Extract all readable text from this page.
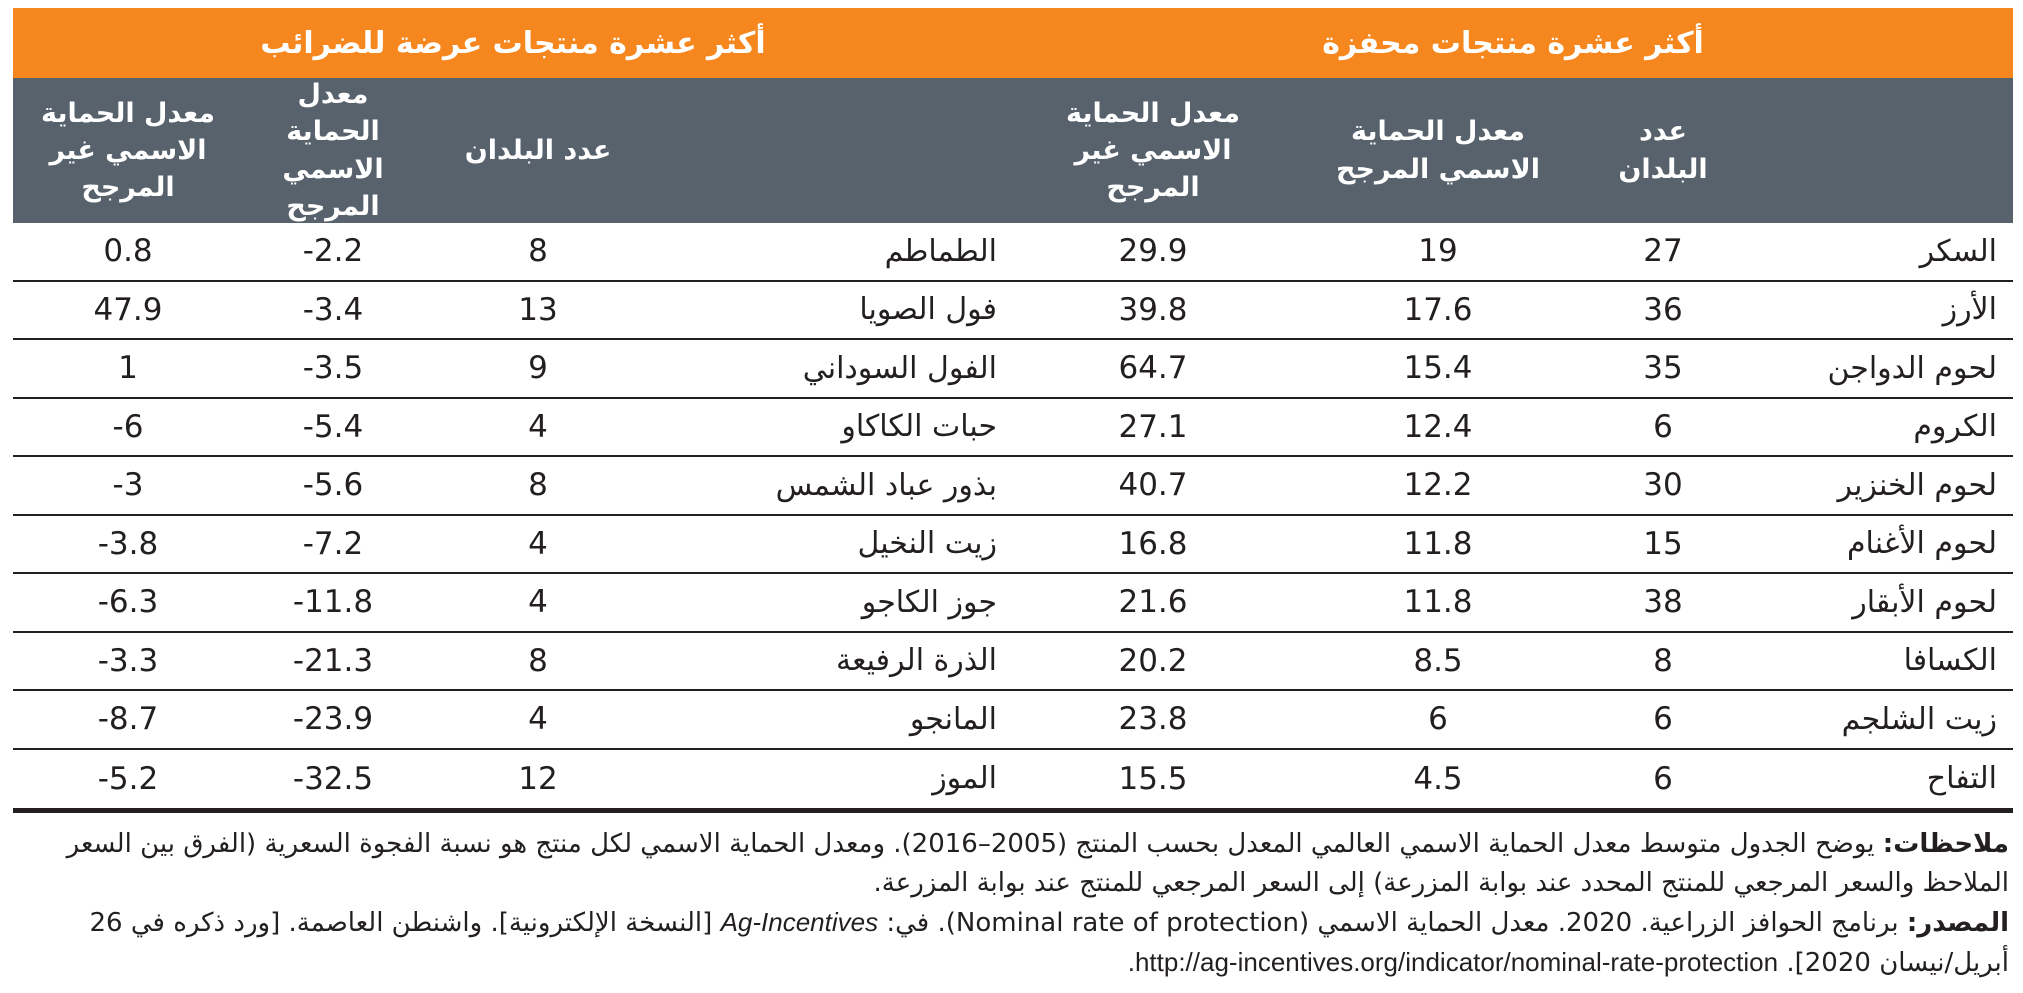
أكثر عشرة منتجات محفزة
أكثر عشرة منتجات عرضة للضرائب
عدد البلدان
معدل الحماية الاسمي المرجح
معدل الحماية الاسمي غير المرجح
عدد البلدان
معدل الحماية الاسمي المرجح
معدل الحماية الاسمي غير المرجح
السكر
27
19
29.9
الطماطم
8
-2.2
0.8
الأرز
36
17.6
39.8
فول الصويا
13
-3.4
47.9
لحوم الدواجن
35
15.4
64.7
الفول السوداني
9
-3.5
1
الكروم
6
12.4
27.1
حبات الكاكاو
4
-5.4
-6
لحوم الخنزير
30
12.2
40.7
بذور عباد الشمس
8
-5.6
-3
لحوم الأغنام
15
11.8
16.8
زيت النخيل
4
-7.2
-3.8
لحوم الأبقار
38
11.8
21.6
جوز الكاجو
4
-11.8
-6.3
الكسافا
8
8.5
20.2
الذرة الرفيعة
8
-21.3
-3.3
زيت الشلجم
6
6
23.8
المانجو
4
-23.9
-8.7
التفاح
6
4.5
15.5
الموز
12
-32.5
-5.2

ملاحظات: يوضح الجدول متوسط معدل الحماية الاسمي العالمي المعدل بحسب المنتج (2005–2016). ومعدل الحماية الاسمي لكل منتج هو نسبة الفجوة السعرية (الفرق بين السعر الملاحظ والسعر المرجعي للمنتج المحدد عند بوابة المزرعة) إلى السعر المرجعي للمنتج عند بوابة المزرعة.

المصدر: برنامج الحوافز الزراعية. 2020. معدل الحماية الاسمي (Nominal rate of protection). في: Ag-Incentives [النسخة الإلكترونية]. واشنطن العاصمة. [ورد ذكره في 26 أبريل/نيسان 2020]. http://ag-incentives.org/indicator/nominal-rate-protection.
